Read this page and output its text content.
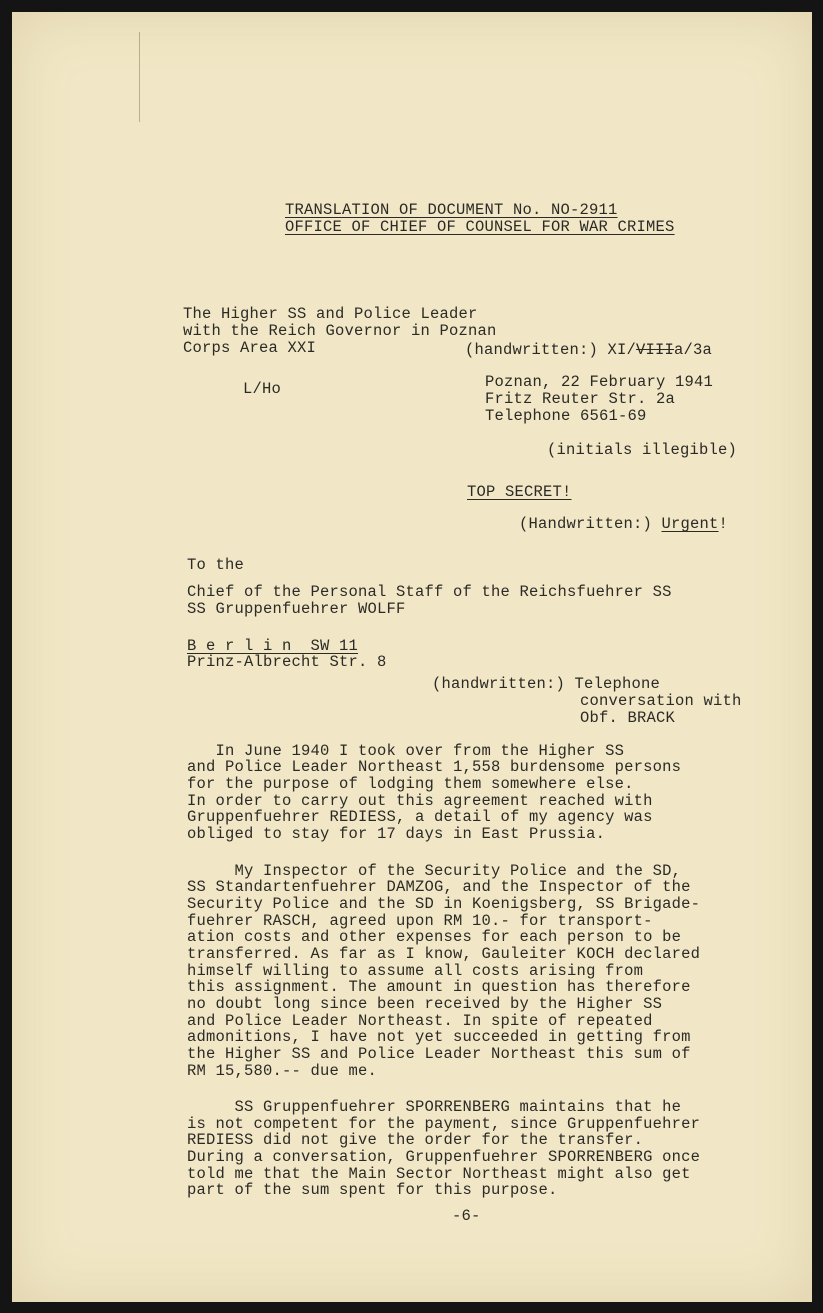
TRANSLATION OF DOCUMENT No. NO-2911
OFFICE OF CHIEF OF COUNSEL FOR WAR CRIMES
The Higher SS and Police Leader
with the Reich Governor in Poznan
Corps Area XXI	(handwritten:) XI/VIIIa/3a
L/Ho	Poznan, 22 February 1941
Fritz Reuter Str. 2a
Telephone 6561-69
(initials illegible)
TOP SECRET!
(Handwritten:) Urgent!
To the
Chief of the Personal Staff of the Reichsfuehrer SS
SS Gruppenfuehrer WOLFF
B e r l i n  SW 11
Prinz-Albrecht Str. 8
(handwritten:) Telephone
conversation with
Obf. BRACK
In June 1940 I took over from the Higher SS
and Police Leader Northeast 1,558 burdensome persons
for the purpose of lodging them somewhere else.
In order to carry out this agreement reached with
Gruppenfuehrer REDIESS, a detail of my agency was
obliged to stay for 17 days in East Prussia.
My Inspector of the Security Police and the SD,
SS Standartenfuehrer DAMZOG, and the Inspector of the
Security Police and the SD in Koenigsberg, SS Brigade-
fuehrer RASCH, agreed upon RM 10.- for transport-
ation costs and other expenses for each person to be
transferred. As far as I know, Gauleiter KOCH declared
himself willing to assume all costs arising from
this assignment. The amount in question has therefore
no doubt long since been received by the Higher SS
and Police Leader Northeast. In spite of repeated
admonitions, I have not yet succeeded in getting from
the Higher SS and Police Leader Northeast this sum of
RM 15,580.-- due me.
SS Gruppenfuehrer SPORRENBERG maintains that he
is not competent for the payment, since Gruppenfuehrer
REDIESS did not give the order for the transfer.
During a conversation, Gruppenfuehrer SPORRENBERG once
told me that the Main Sector Northeast might also get
part of the sum spent for this purpose.
-6-
